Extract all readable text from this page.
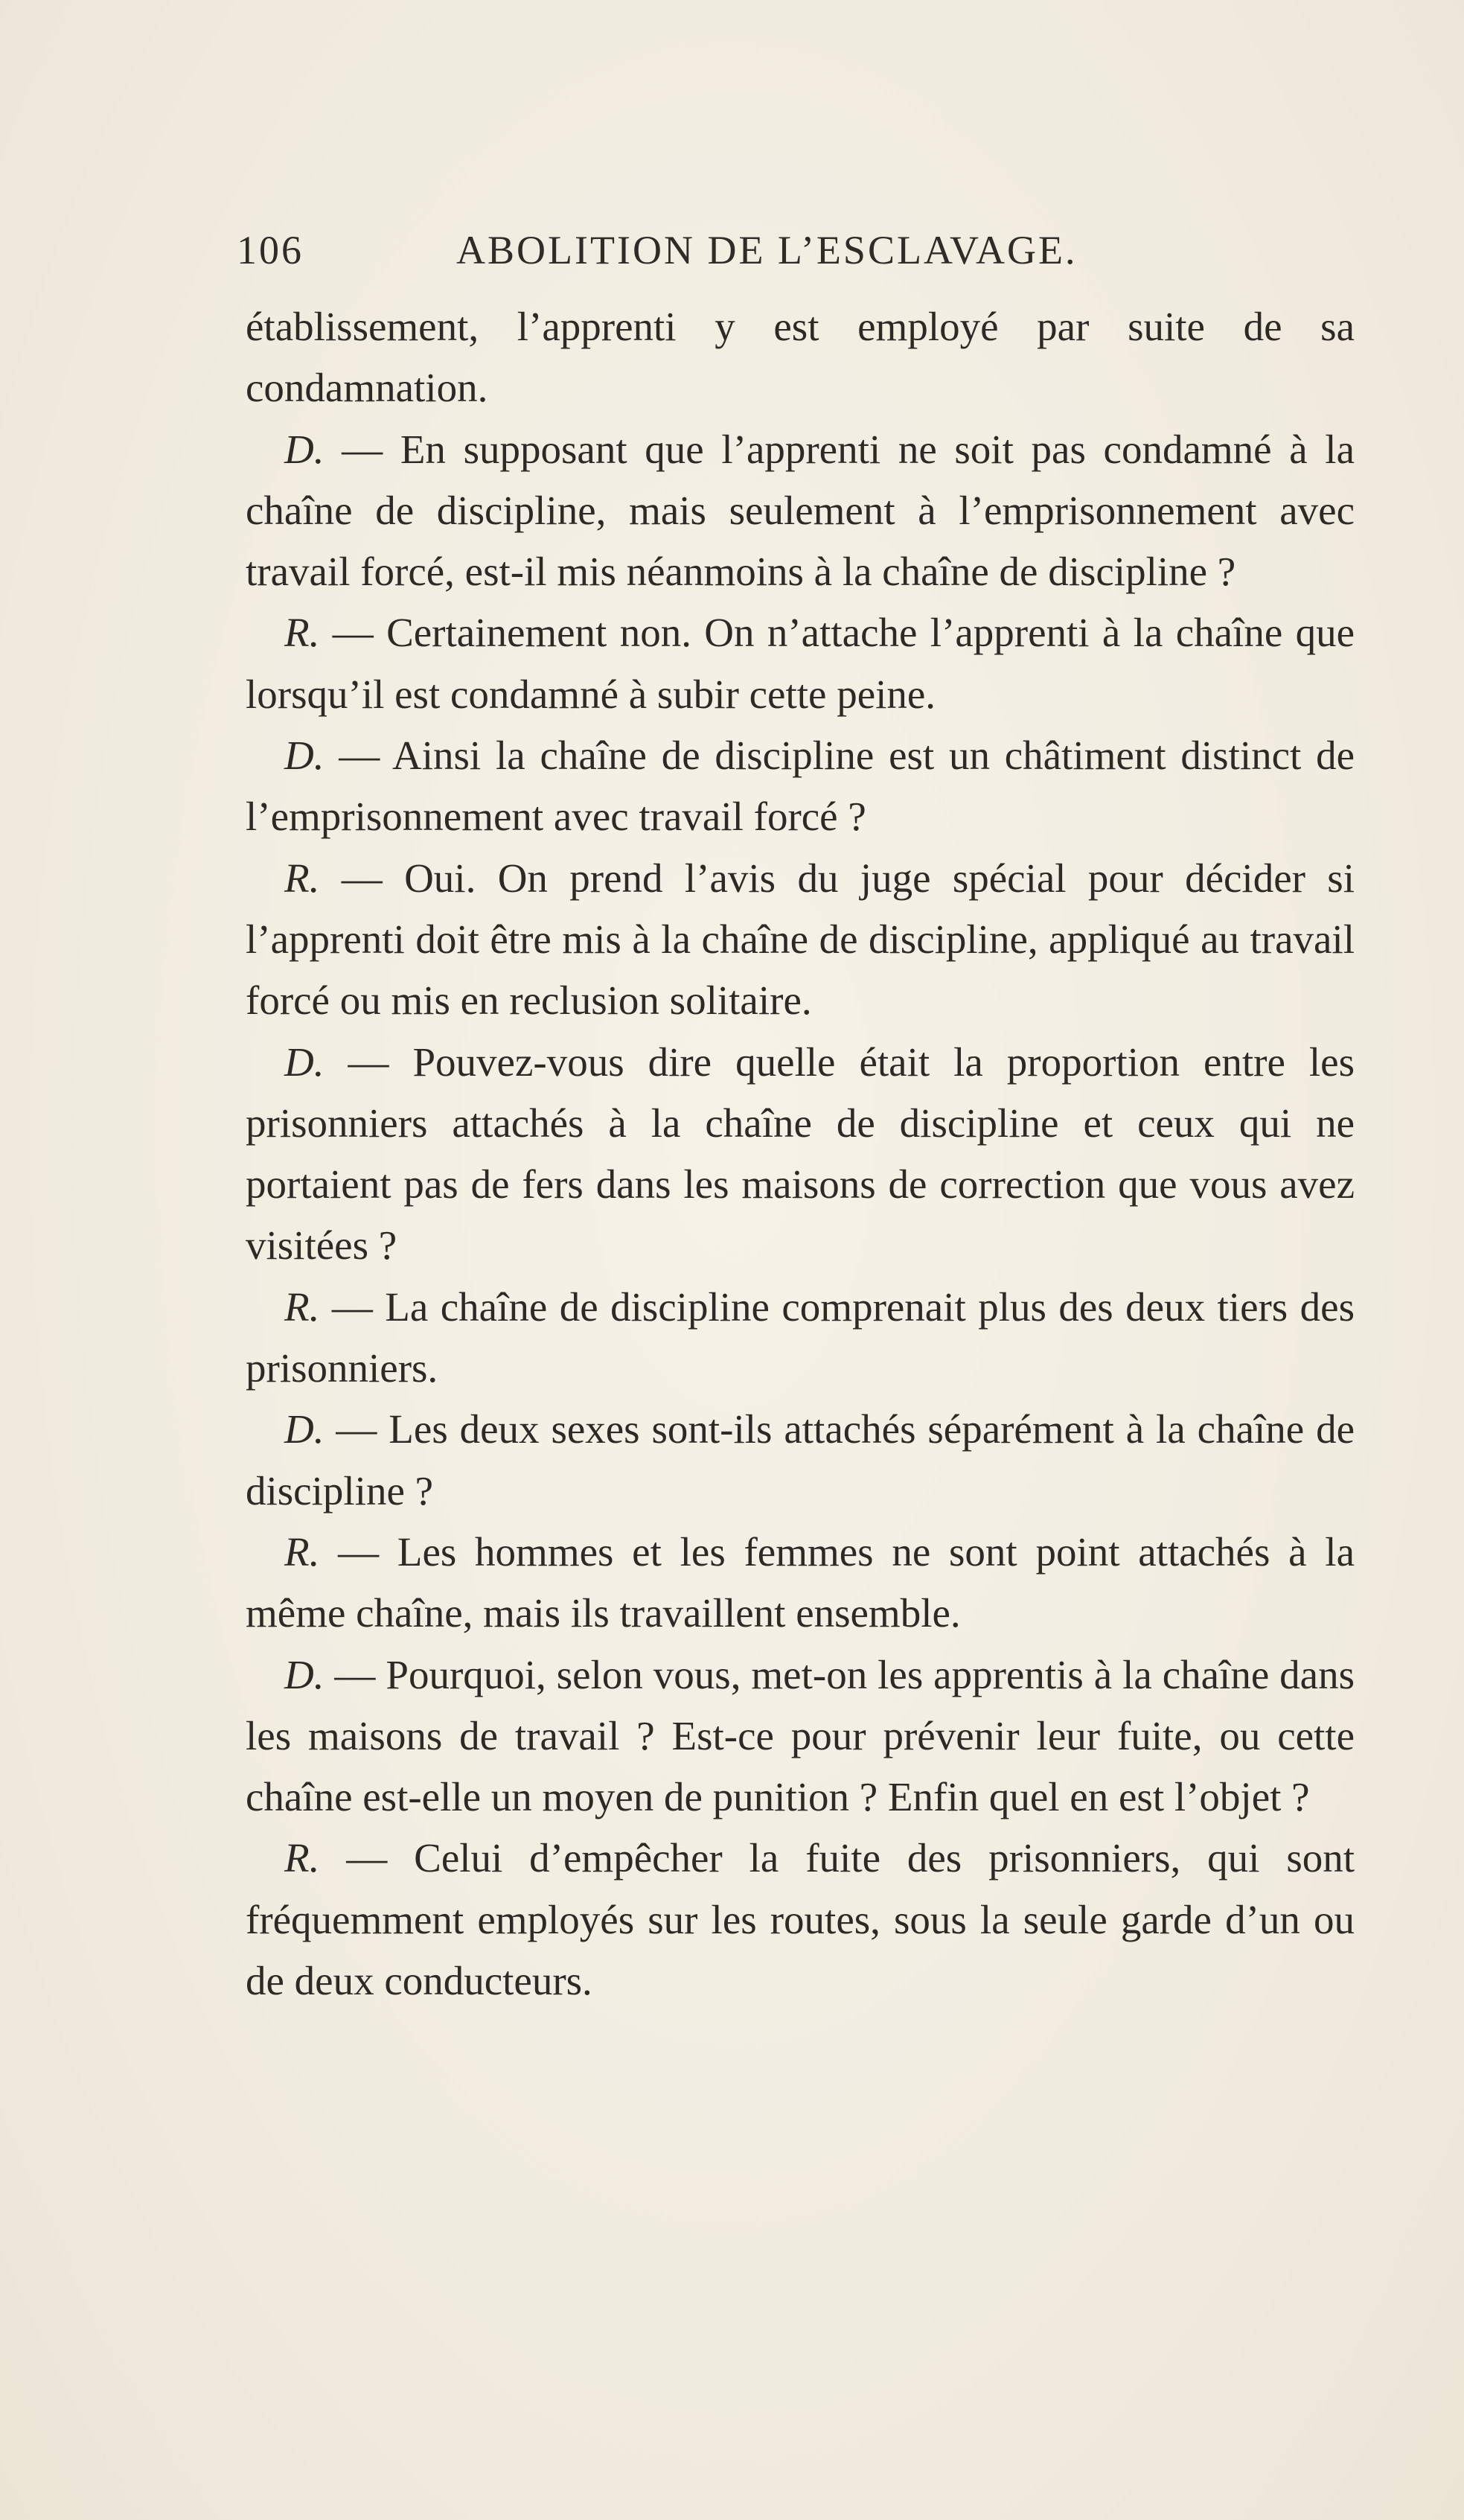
106	ABOLITION DE L’ESCLAVAGE.

établissement, l’apprenti y est employé par suite de sa condamnation.

D. — En supposant que l’apprenti ne soit pas condamné à la chaîne de discipline, mais seulement à l’emprisonnement avec travail forcé, est-il mis néanmoins à la chaîne de discipline ?

R. — Certainement non. On n’attache l’apprenti à la chaîne que lorsqu’il est condamné à subir cette peine.

D. — Ainsi la chaîne de discipline est un châtiment distinct de l’emprisonnement avec travail forcé ?

R. — Oui. On prend l’avis du juge spécial pour décider si l’apprenti doit être mis à la chaîne de discipline, appliqué au travail forcé ou mis en reclusion solitaire.

D. — Pouvez-vous dire quelle était la proportion entre les prisonniers attachés à la chaîne de discipline et ceux qui ne portaient pas de fers dans les maisons de correction que vous avez visitées ?

R. — La chaîne de discipline comprenait plus des deux tiers des prisonniers.

D. — Les deux sexes sont-ils attachés séparément à la chaîne de discipline ?

R. — Les hommes et les femmes ne sont point attachés à la même chaîne, mais ils travaillent ensemble.

D. — Pourquoi, selon vous, met-on les apprentis à la chaîne dans les maisons de travail ? Est-ce pour prévenir leur fuite, ou cette chaîne est-elle un moyen de punition ? Enfin quel en est l’objet ?

R. — Celui d’empêcher la fuite des prisonniers, qui sont fréquemment employés sur les routes, sous la seule garde d’un ou de deux conducteurs.
